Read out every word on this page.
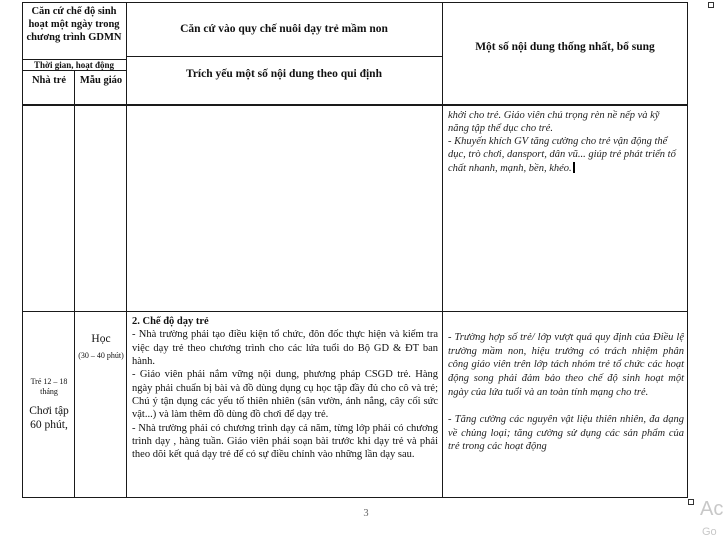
Căn cứ chế độ sinh hoạt một ngày trong chương trình GDMN
Thời gian, hoạt động
Nhà trẻ	Mẫu giáo
Căn cứ vào quy chế nuôi dạy trẻ mầm non
Trích yếu một số nội dung theo qui định
Một số nội dung thống nhất, bổ sung
khởi cho trẻ. Giáo viên chú trọng rèn nề nếp và kỹ năng tập thể dục cho trẻ.
- Khuyến khích GV tăng cường cho trẻ vận động thể dục, trò chơi, dansport, dân vũ... giúp trẻ phát triển tố chất nhanh, mạnh, bền, khéo.
Trẻ 12 – 18 tháng
Chơi tập 60 phút,
Học
(30 – 40 phút)
2. Chế độ dạy trẻ
- Nhà trường phải tạo điều kiện tổ chức, đôn đốc thực hiện và kiểm tra việc dạy trẻ theo chương trình cho các lứa tuổi do Bộ GD & ĐT ban hành.
- Giáo viên phải nắm vững nội dung, phương pháp CSGD trẻ. Hàng ngày phải chuẩn bị bài và đồ dùng dụng cụ học tập đầy đủ cho cô và trẻ; Chú ý tận dụng các yếu tố thiên nhiên (sân vườn, ánh nắng, cây cối sức vật...) và làm thêm đồ dùng đồ chơi để dạy trẻ.
- Nhà trường phải có chương trình dạy cả năm, từng lớp phải có chương trình dạy , hàng tuần. Giáo viên phải soạn bài trước khi dạy trẻ và phải theo dõi kết quả dạy trẻ để có sự điều chỉnh vào những lần dạy sau.
- Trường hợp số trẻ/ lớp vượt quá quy định của Điều lệ trường mầm non, hiệu trưởng có trách nhiệm phân công giáo viên trên lớp tách nhóm trẻ tổ chức các hoạt động song phải đảm bảo theo chế độ sinh hoạt một ngày của lứa tuổi và an toàn tính mạng cho trẻ.
- Tăng cường các nguyên vật liệu thiên nhiên, đa dạng về chủng loại; tăng cường sử dụng các sản phẩm của trẻ trong các hoạt động
3	Ac
Go
